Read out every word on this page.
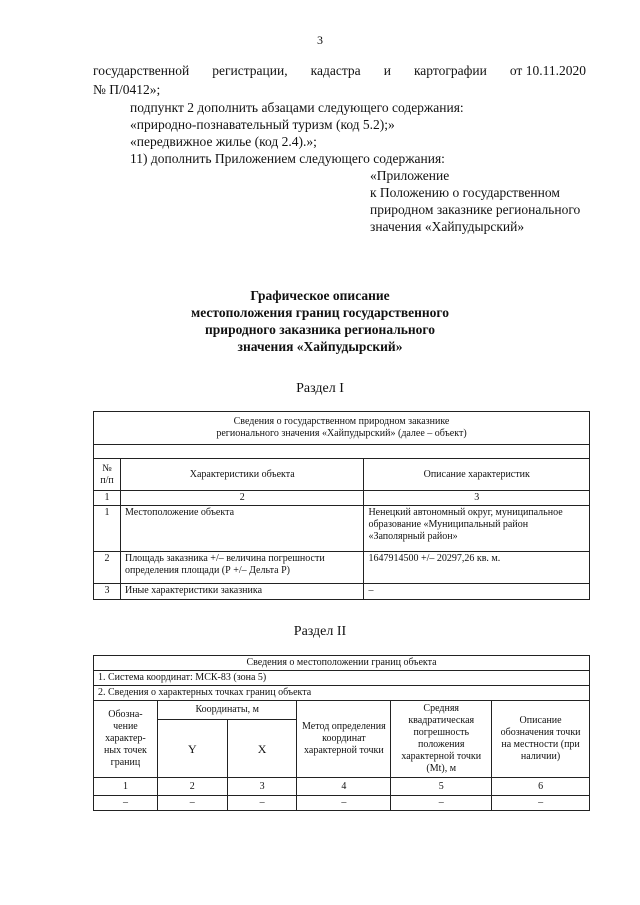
3
государственной регистрации, кадастра и картографии от 10.11.2020
№ П/0412»;
подпункт 2 дополнить абзацами следующего содержания:
«природно-познавательный туризм (код 5.2);»
«передвижное жилье (код 2.4).»;
11) дополнить Приложением следующего содержания:
«Приложение
к Положению о государственном
природном заказнике регионального
значения «Хайпудырский»
Графическое описание
местоположения границ государственного
природного заказника регионального
значения «Хайпудырский»
Раздел I
Сведения о государственном природном заказнике
регионального значения «Хайпудырский» (далее – объект)		

№ п/п	Характеристики объекта	Описание характеристик
1	2	3
1	Местоположение объекта	Ненецкий автономный округ, муниципальное образование «Муниципальный район «Заполярный район»
2	Площадь заказника +/– величина погрешности определения площади (Р +/– Дельта Р)	1647914500 +/– 20297,26 кв. м.
3	Иные характеристики заказника	–
Раздел II
Сведения о местоположении границ объекта					
1. Система координат: МСК-83 (зона 5)					
2. Сведения о характерных точках границ объекта					
Обозна- чение характер- ных точек границ	Координаты, м		Метод определения координат характерной точки	Средняя квадратическая погрешность положения характерной точки (Мt), м	Описание обозначения точки на местности (при наличии)
	Y	X			
1	2	3	4	5	6
–	–	–	–	–	–
